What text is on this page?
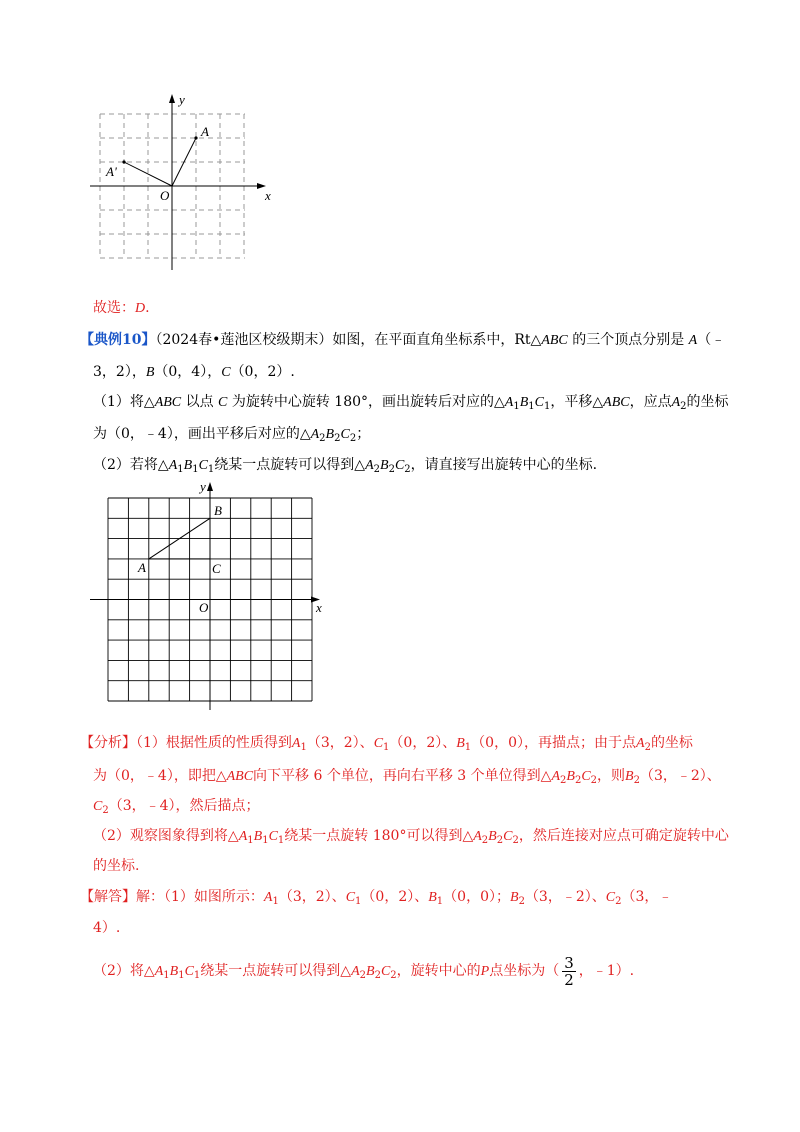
y
x
O
A
A'
故选：D.
【典例10】（2024春•莲池区校级期末）如图，在平面直角坐标系中，Rt△ABC 的三个顶点分别是 A（﹣
3，2），B（0，4），C（0，2）.
（1）将△ABC 以点 C 为旋转中心旋转 180°，画出旋转后对应的$\triangle A_1B_1C_1$，平移△ABC，应点$A_2$的坐标
为（0，﹣4），画出平移后对应的$\triangle A_2B_2C_2$；
（2）若将$\triangle A_1B_1C_1$绕某一点旋转可以得到$\triangle A_2B_2C_2$，请直接写出旋转中心的坐标.
y
x
O
A
B
C
【分析】（1）根据性质的性质得到$A_1(3$，2）、$C_1(0$，2）、$B_1(0$，0），再描点；由于点$A_2$的坐标
为（0，﹣4），即把△ABC向下平移 6 个单位，再向右平移 3 个单位得到$\triangle A_2B_2C_2$，则$B_2(3$，﹣2）、
$C_2(3$，﹣4），然后描点；
（2）观察图象得到将$\triangle A_1B_1C_1$绕某一点旋转 180°可以得到$\triangle A_2B_2C_2$，然后连接对应点可确定旋转中心
的坐标.
【解答】解：（1）如图所示：$A_1(3$，2）、$C_1(0$，2）、$B_1(0$，0）；$B_2(3$，﹣2）、$C_2(3$，﹣
4）.
（2）将$\triangle A_1B_1C_1$绕某一点旋转可以得到$\triangle A_2B_2C_2$，旋转中心的P点坐标为（ $\frac{3}{2}$ ，﹣1）.
